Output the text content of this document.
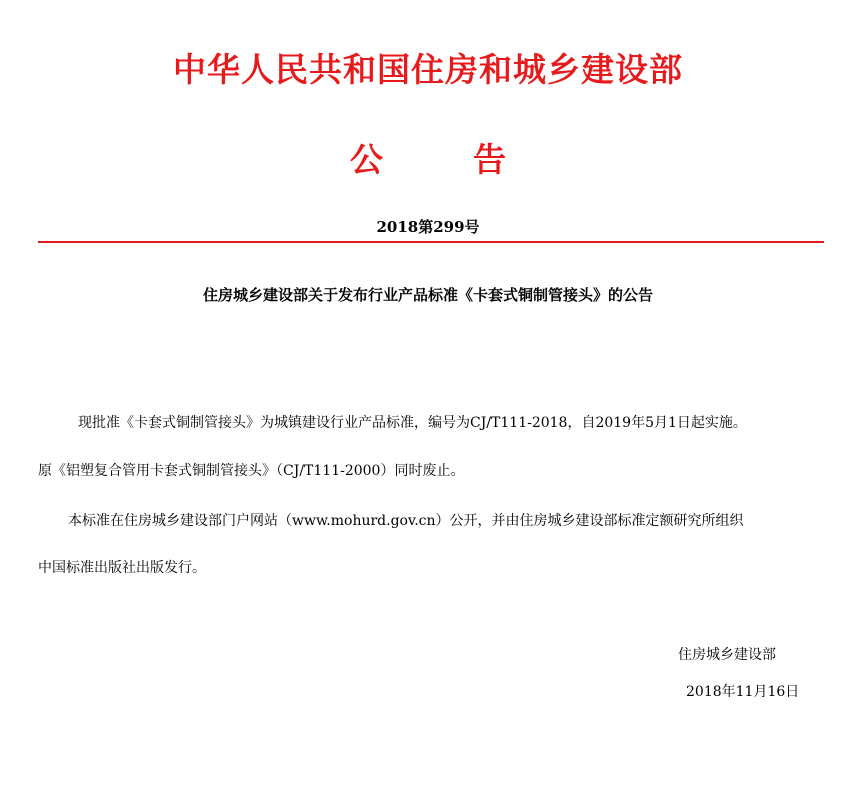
中华人民共和国住房和城乡建设部
公	告
2018第299号
住房城乡建设部关于发布行业产品标准《卡套式铜制管接头》的公告
现批准《卡套式铜制管接头》为城镇建设行业产品标准，编号为CJ/T111-2018，自2019年5月1日起实施。
原《铝塑复合管用卡套式铜制管接头》（CJ/T111-2000）同时废止。
本标准在住房城乡建设部门户网站（www.mohurd.gov.cn）公开，并由住房城乡建设部标准定额研究所组织
中国标准出版社出版发行。
住房城乡建设部
2018年11月16日
